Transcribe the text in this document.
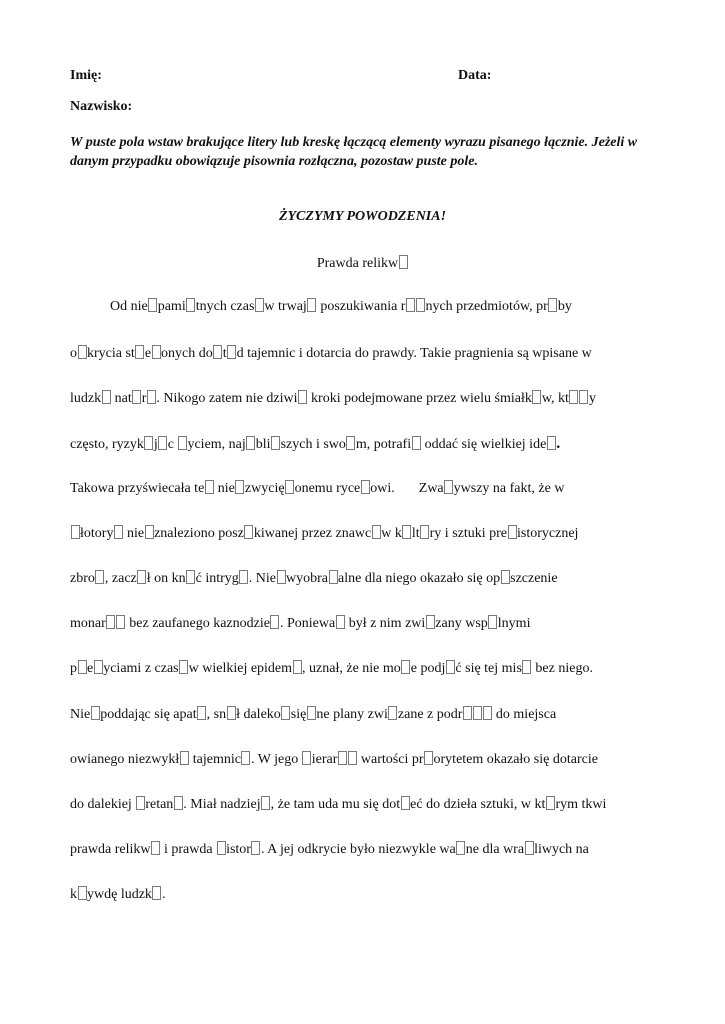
Imię:	Data:
Nazwisko:
W puste pola wstaw brakujące litery lub kreskę łączącą elementy wyrazu pisanego łącznie. Jeżeli w danym przypadku obowiązuje pisownia rozłączna, pozostaw puste pole.
ŻYCZYMY POWODZENIA!
Prawda relikw
Od nie pami tnych czas w trwaj poszukiwania r nych przedmiotów, pr by
o krycia st e onych do t d tajemnic i dotarcia do prawdy. Takie pragnienia są wpisane w
ludzk nat r . Nikogo zatem nie dziwi kroki podejmowane przez wielu śmiałk w, kt y
często, ryzyk j c yciem, naj bli szych i swo m, potrafi oddać się wielkiej ide .
Takowa przyświecała te nie zwycię onemu ryce owi. Zwa ywszy na fakt, że w
łotory nie znaleziono posz kiwanej przez znawc w k lt ry i sztuki pre istorycznej
zbro , zacz ł on kn ć intryg . Nie wyobra alne dla niego okazało się op szczenie
monar bez zaufanego kaznodzie . Poniewa był z nim zwi zany wsp lnymi
p e yciami z czas w wielkiej epidem , uznał, że nie mo e podj ć się tej mis bez niego.
Nie poddając się apat , sn ł daleko się ne plany zwi zane z podr do miejsca
owianego niezwykł tajemnic . W jego ierar wartości pr orytetem okazało się dotarcie
do dalekiej retan . Miał nadziej , że tam uda mu się dot eć do dzieła sztuki, w kt rym tkwi
prawda relikw i prawda istor . A jej odkrycie było niezwykle wa ne dla wra liwych na
k ywdę ludzk .
